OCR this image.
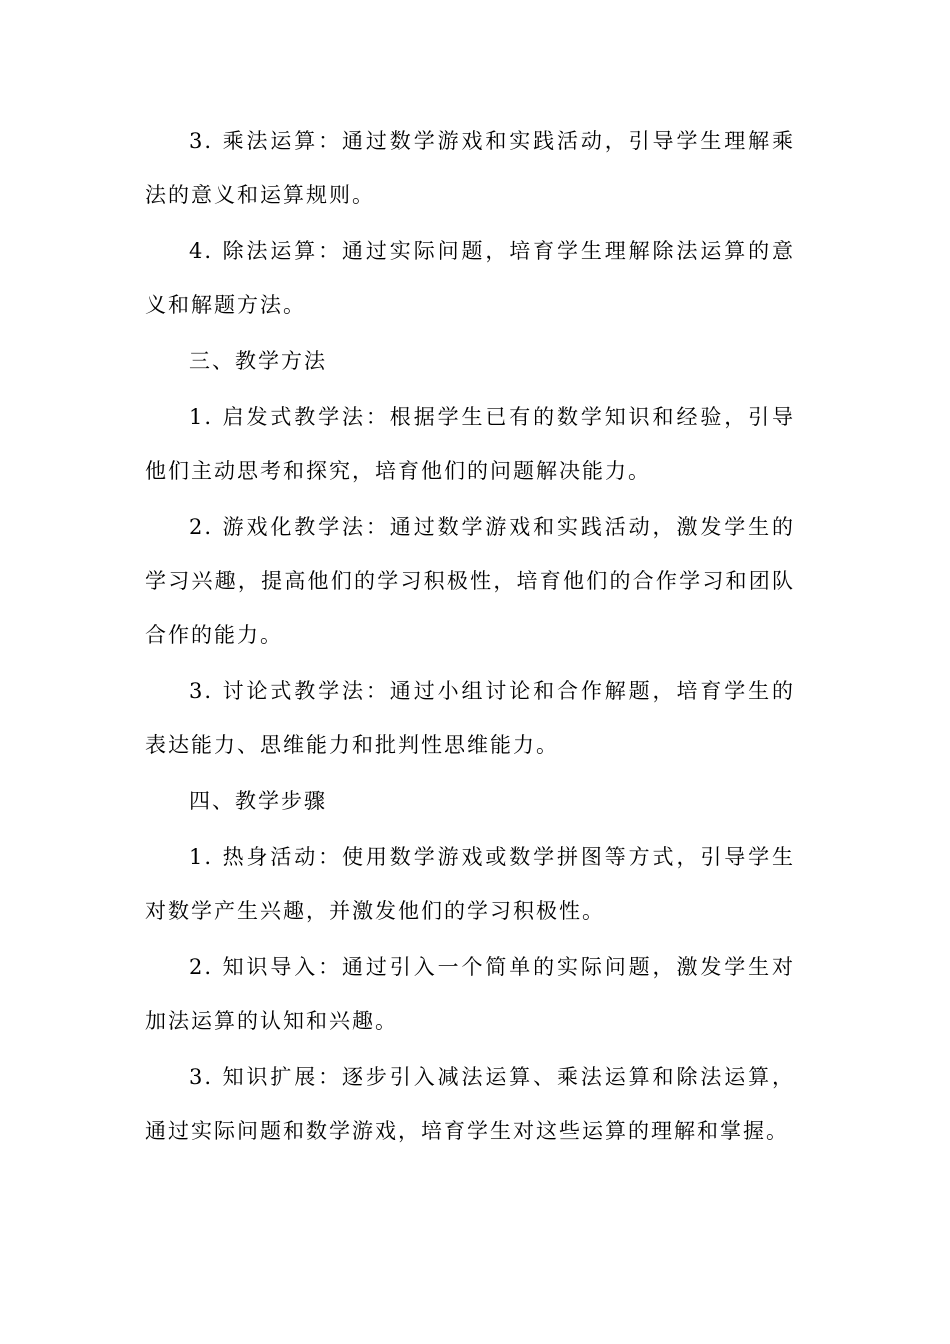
3. 乘法运算：通过数学游戏和实践活动，引导学生理解乘法的意义和运算规则。

4. 除法运算：通过实际问题，培育学生理解除法运算的意义和解题方法。

三、教学方法

1. 启发式教学法：根据学生已有的数学知识和经验，引导他们主动思考和探究，培育他们的问题解决能力。

2. 游戏化教学法：通过数学游戏和实践活动，激发学生的学习兴趣，提高他们的学习积极性，培育他们的合作学习和团队合作的能力。

3. 讨论式教学法：通过小组讨论和合作解题，培育学生的表达能力、思维能力和批判性思维能力。

四、教学步骤

1. 热身活动：使用数学游戏或数学拼图等方式，引导学生对数学产生兴趣，并激发他们的学习积极性。

2. 知识导入：通过引入一个简单的实际问题，激发学生对加法运算的认知和兴趣。

3. 知识扩展：逐步引入减法运算、乘法运算和除法运算，通过实际问题和数学游戏，培育学生对这些运算的理解和掌握。
